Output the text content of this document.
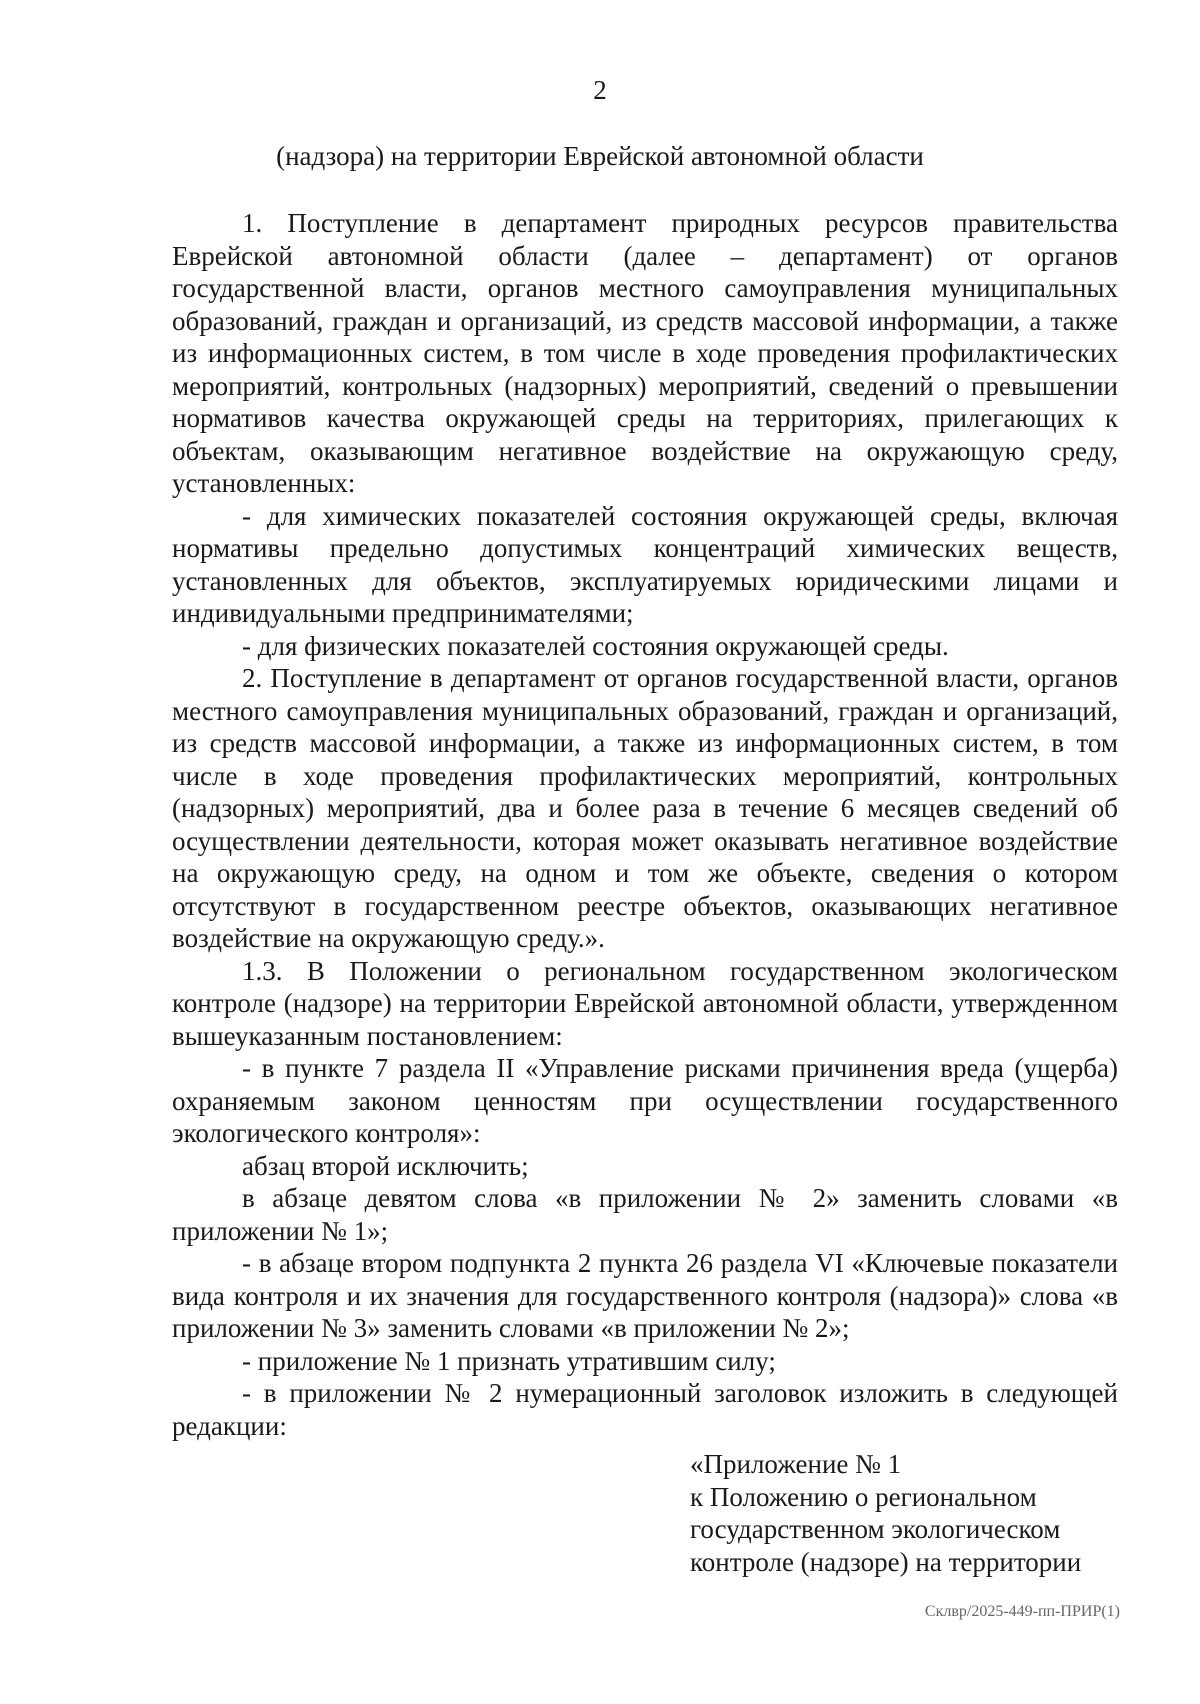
2
(надзора) на территории Еврейской автономной области

1. Поступление в департамент природных ресурсов правительства Еврейской автономной области (далее – департамент) от органов государственной власти, органов местного самоуправления муниципальных образований, граждан и организаций, из средств массовой информации, а также из информационных систем, в том числе в ходе проведения профилактических мероприятий, контрольных (надзорных) мероприятий, сведений о превышении нормативов качества окружающей среды на территориях, прилегающих к объектам, оказывающим негативное воздействие на окружающую среду, установленных:

- для химических показателей состояния окружающей среды, включая нормативы предельно допустимых концентраций химических веществ, установленных для объектов, эксплуатируемых юридическими лицами и индивидуальными предпринимателями;

- для физических показателей состояния окружающей среды.

2. Поступление в департамент от органов государственной власти, органов местного самоуправления муниципальных образований, граждан и организаций, из средств массовой информации, а также из информационных систем, в том числе в ходе проведения профилактических мероприятий, контрольных (надзорных) мероприятий, два и более раза в течение 6 месяцев сведений об осуществлении деятельности, которая может оказывать негативное воздействие на окружающую среду, на одном и том же объекте, сведения о котором отсутствуют в государственном реестре объектов, оказывающих негативное воздействие на окружающую среду.».

1.3. В Положении о региональном государственном экологическом контроле (надзоре) на территории Еврейской автономной области, утвержденном вышеуказанным постановлением:

- в пункте 7 раздела II «Управление рисками причинения вреда (ущерба) охраняемым законом ценностям при осуществлении государственного экологического контроля»:

абзац второй исключить;

в абзаце девятом слова «в приложении № 2» заменить словами «в приложении № 1»;

- в абзаце втором подпункта 2 пункта 26 раздела VI «Ключевые показатели вида контроля и их значения для государственного контроля (надзора)» слова «в приложении № 3» заменить словами «в приложении № 2»;

- приложение № 1 признать утратившим силу;

- в приложении № 2 нумерационный заголовок изложить в следующей редакции:

«Приложение № 1
к Положению о региональном
государственном экологическом
контроле (надзоре) на территории
Склвр/2025-449-пп-ПРИР(1)
